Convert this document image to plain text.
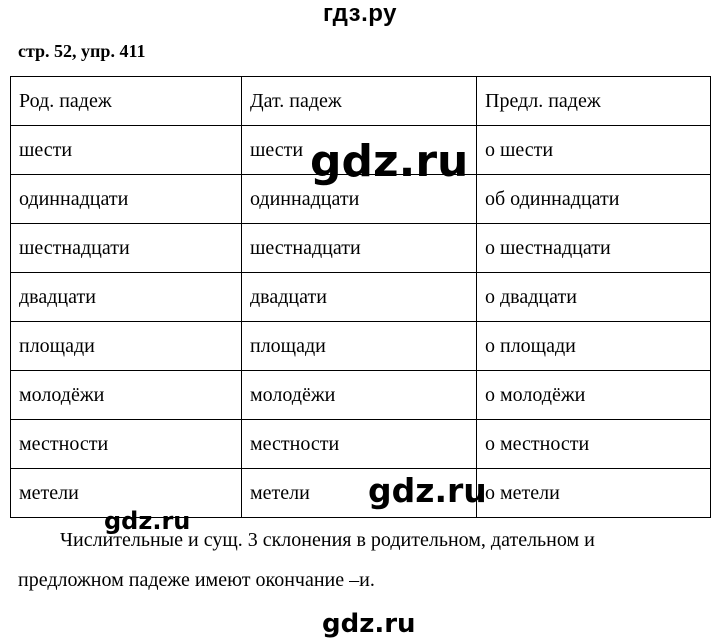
гдз.ру
стр. 52, упр. 411
Род. падеж	Дат. падеж	Предл. падеж
шести	шести	о шести
одиннадцати	одиннадцати	об одиннадцати
шестнадцати	шестнадцати	о шестнадцати
двадцати	двадцати	о двадцати
площади	площади	о площади
молодёжи	молодёжи	о молодёжи
местности	местности	о местности
метели	метели	о метели
Числительные и сущ. 3 склонения в родительном, дательном и
предложном падеже имеют окончание –и.
gdz.ru
gdz.ru
gdz.ru
gdz.ru
